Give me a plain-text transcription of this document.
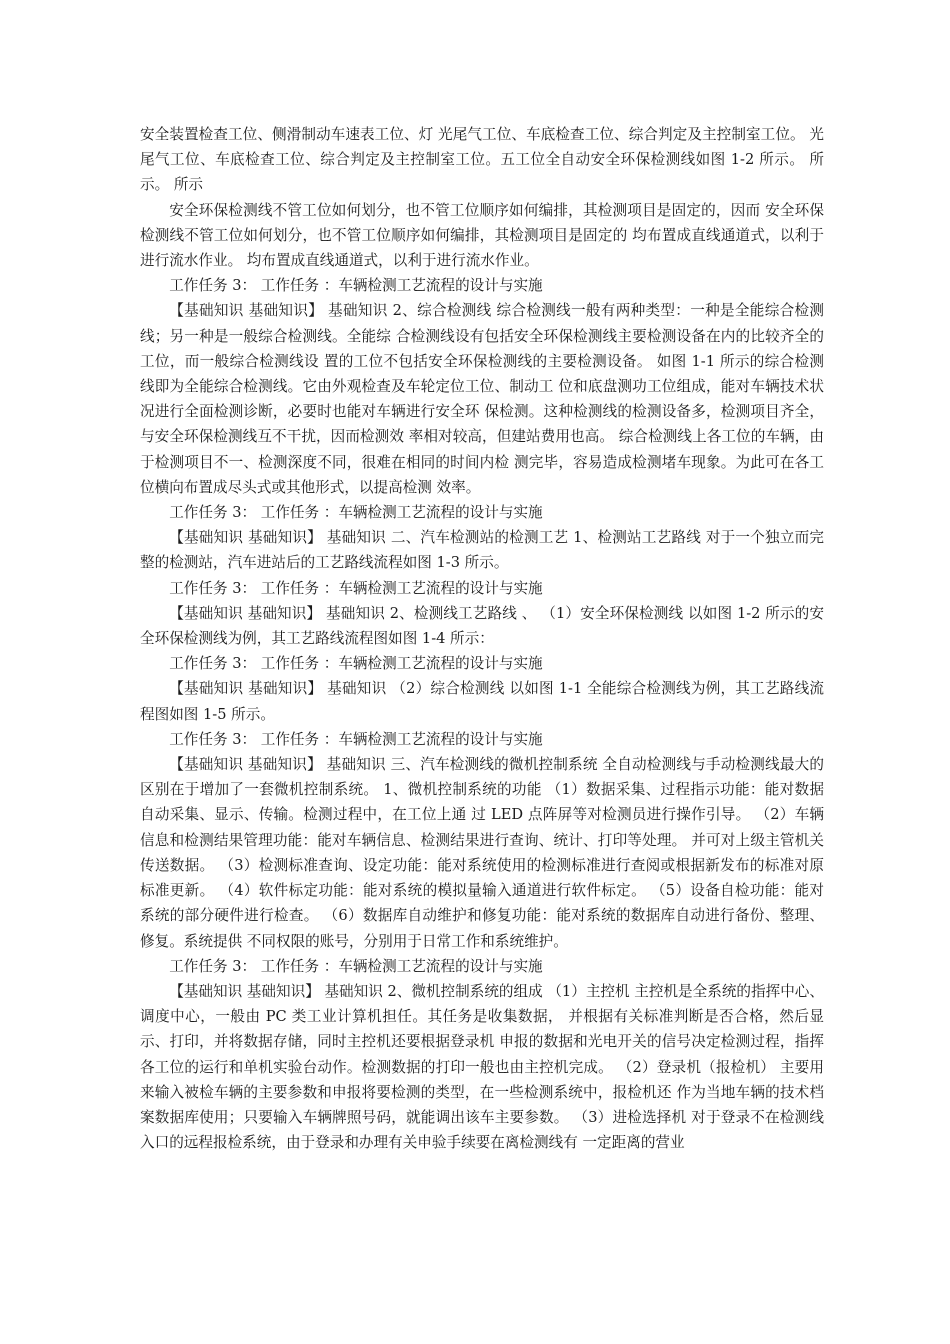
安全装置检查工位、侧滑制动车速表工位、灯 光尾气工位、车底检查工位、综合判定及主控制室工位。 光尾气工位、车底检查工位、综合判定及主控制室工位。五工位全自动安全环保检测线如图 1-2 所示。 所示。 所示

安全环保检测线不管工位如何划分，也不管工位顺序如何编排，其检测项目是固定的，因而 安全环保检测线不管工位如何划分，也不管工位顺序如何编排，其检测项目是固定的 均布置成直线通道式，以利于进行流水作业。 均布置成直线通道式，以利于进行流水作业。

工作任务 3： 工作任务 ：车辆检测工艺流程的设计与实施

【基础知识 基础知识】 基础知识 2、综合检测线 综合检测线一般有两种类型：一种是全能综合检测线；另一种是一般综合检测线。全能综 合检测线设有包括安全环保检测线主要检测设备在内的比较齐全的工位，而一般综合检测线设 置的工位不包括安全环保检测线的主要检测设备。 如图 1-1 所示的综合检测线即为全能综合检测线。它由外观检查及车轮定位工位、制动工 位和底盘测功工位组成，能对车辆技术状况进行全面检测诊断，必要时也能对车辆进行安全环 保检测。这种检测线的检测设备多，检测项目齐全，与安全环保检测线互不干扰，因而检测效 率相对较高，但建站费用也高。 综合检测线上各工位的车辆，由于检测项目不一、检测深度不同，很难在相同的时间内检 测完毕，容易造成检测堵车现象。为此可在各工位横向布置成尽头式或其他形式，以提高检测 效率。

工作任务 3： 工作任务 ：车辆检测工艺流程的设计与实施

【基础知识 基础知识】 基础知识 二、汽车检测站的检测工艺 1、检测站工艺路线 对于一个独立而完整的检测站，汽车进站后的工艺路线流程如图 1-3 所示。

工作任务 3： 工作任务 ：车辆检测工艺流程的设计与实施

【基础知识 基础知识】 基础知识 2、检测线工艺路线 、 （1）安全环保检测线 以如图 1-2 所示的安全环保检测线为例，其工艺路线流程图如图 1-4 所示：

工作任务 3： 工作任务 ：车辆检测工艺流程的设计与实施

【基础知识 基础知识】 基础知识 （2）综合检测线 以如图 1-1 全能综合检测线为例，其工艺路线流程图如图 1-5 所示。

工作任务 3： 工作任务 ：车辆检测工艺流程的设计与实施

【基础知识 基础知识】 基础知识 三、汽车检测线的微机控制系统 全自动检测线与手动检测线最大的区别在于增加了一套微机控制系统。 1、微机控制系统的功能 （1）数据采集、过程指示功能：能对数据自动采集、显示、传输。检测过程中，在工位上通 过 LED 点阵屏等对检测员进行操作引导。 （2）车辆信息和检测结果管理功能：能对车辆信息、检测结果进行查询、统计、打印等处理。 并可对上级主管机关传送数据。 （3）检测标准查询、设定功能：能对系统使用的检测标准进行查阅或根据新发布的标准对原 标准更新。 （4）软件标定功能：能对系统的模拟量输入通道进行软件标定。 （5）设备自检功能：能对系统的部分硬件进行检查。 （6）数据库自动维护和修复功能：能对系统的数据库自动进行备份、整理、修复。系统提供 不同权限的账号，分别用于日常工作和系统维护。

工作任务 3： 工作任务 ：车辆检测工艺流程的设计与实施

【基础知识 基础知识】 基础知识 2、微机控制系统的组成 （1）主控机 主控机是全系统的指挥中心、调度中心，一般由 PC 类工业计算机担任。其任务是收集数据， 并根据有关标准判断是否合格，然后显示、打印，并将数据存储，同时主控机还要根据登录机 申报的数据和光电开关的信号决定检测过程，指挥各工位的运行和单机实验台动作。检测数据的打印一般也由主控机完成。 （2）登录机（报检机） 主要用来输入被检车辆的主要参数和申报将要检测的类型，在一些检测系统中，报检机还 作为当地车辆的技术档案数据库使用；只要输入车辆牌照号码，就能调出该车主要参数。 （3）进检选择机 对于登录不在检测线入口的远程报检系统，由于登录和办理有关申验手续要在离检测线有 一定距离的营业
